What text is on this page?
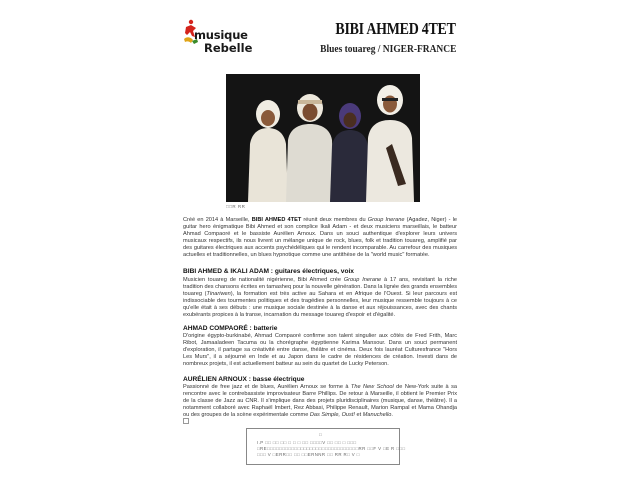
musique
Rebelle
BIBI AHMED 4TET
Blues touareg / NIGER-FRANCE
□□R RR
Créé en 2014 à Marseille, BIBI AHMED 4TET réunit deux membres du Group Inerane (Agadez, Niger) - le guitar hero énigmatique Bibi Ahmed et son complice Ikali Adam - et deux musiciens marseillais, le batteur Ahmad Compaoré et le bassiste Aurélien Arnoux. Dans un souci authentique d'explorer leurs univers musicaux respectifs, ils nous livrent un mélange unique de rock, blues, folk et tradition touareg, amplifié par des guitares électriques aux accents psychédéliques qui le rendent incomparable. Au carrefour des musiques actuelles et traditionnelles, un blues hypnotique comme une antithèse de la "world music" formatée.
BIBI AHMED & IKALI ADAM : guitares électriques, voix
Musicien touareg de nationalité nigérienne, Bibi Ahmed crée Group Inerane à 17 ans, revisitant la riche tradition des chansons écrites en tamasheq pour la nouvelle génération. Dans la lignée des grands ensembles touareg (Tinariwen), la formation est très active au Sahara et en Afrique de l'Ouest. Si leur parcours est indissociable des tourmentes politiques et des tragédies personnelles, leur musique ressemble toujours à ce qu'elle était à ses débuts : une musique sociale destinée à la danse et aux réjouissances, avec des chants exubérants propices à la transe, incarnation du message touareg d'espoir et d'égalité.
AHMAD COMPAORÉ : batterie
D'origine égypto-burkinabé, Ahmad Compaoré confirme son talent singulier aux côtés de Fred Frith, Marc Ribot, Jamaaladeen Tacuma ou la chorégraphe égyptienne Karima Mansour. Dans un souci permanent d'exploration, il partage sa créativité entre danse, théâtre et cinéma. Deux fois lauréat Culturesfrance "Hors Les Murs", il a séjourné en Inde et au Japon dans le cadre de résidences de création. Investi dans de nombreux projets, il est actuellement batteur au sein du quartet de Lucky Peterson.
AURÉLIEN ARNOUX : basse électrique
Passionné de free jazz et de blues, Aurélien Arnoux se forme à The New School de New-York suite à sa rencontre avec le contrebassiste improvisateur Barre Phillips. De retour à Marseille, il obtient le Premier Prix de la classe de Jazz au CNR. Il s'implique dans des projets pluridisciplinaires (musique, danse, théâtre). Il a notamment collaboré avec Raphaël Imbert, Rez Abbasi, Philippe Renault, Marion Rampal et Mama Ohandja ou des groupes de la scène expérimentale comme Das Simple, Oust! et Manuchello.
□
I.P □□ □□ □□ □ □ □ □□ □□□□V □□ □□ □ □□□
□RE□□□□□□□□□□□□□□□□□□□□□□□□□□□□□□RR □□F V □E R □□□
□□□ V □ERR□□ □□ □□ERNNR □□ RR R□ V □
